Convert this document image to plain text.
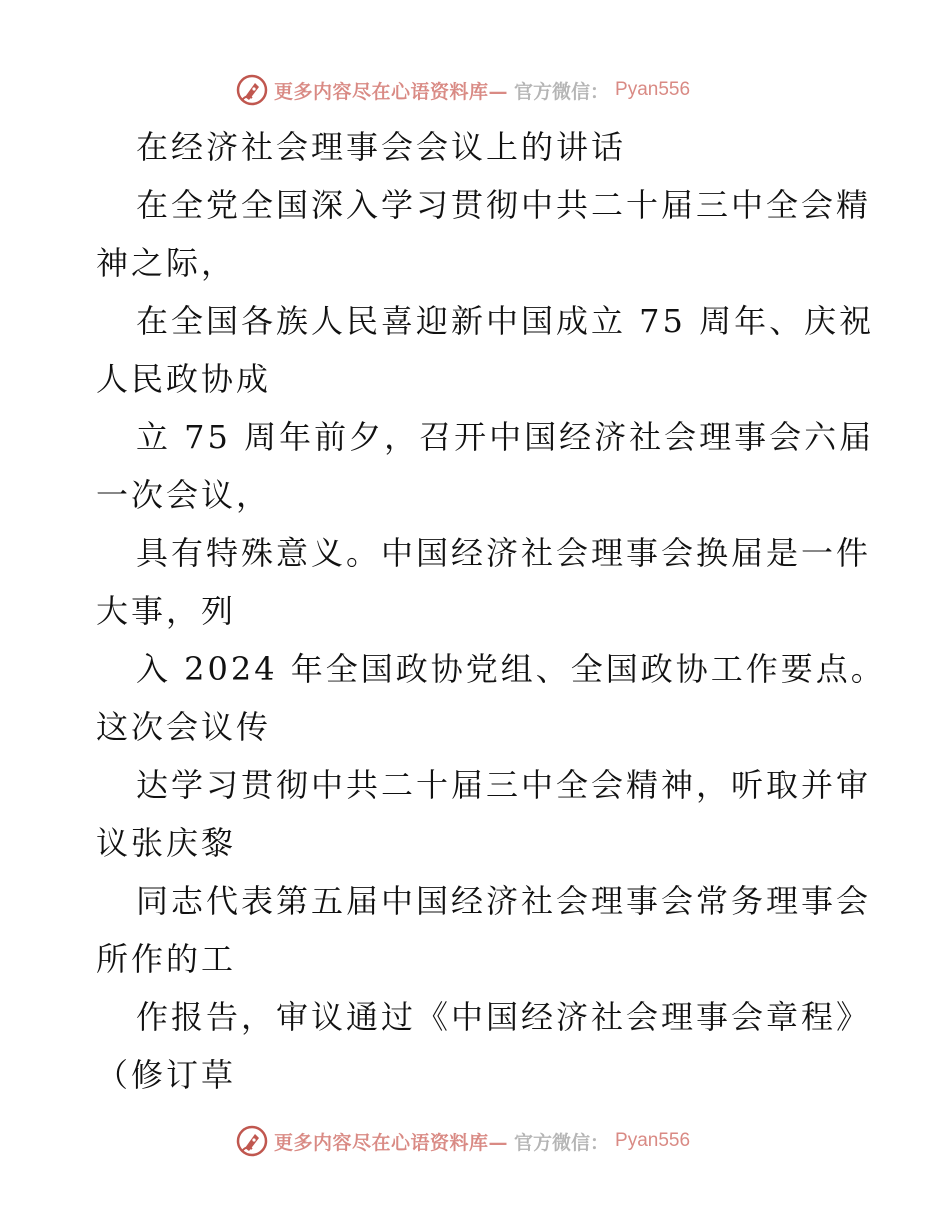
更多内容尽在心语资料库— 官方微信： Pyan556
在经济社会理事会会议上的讲话
在全党全国深入学习贯彻中共二十届三中全会精
神之际，
在全国各族人民喜迎新中国成立 75 周年、庆祝
人民政协成
立 75 周年前夕，召开中国经济社会理事会六届
一次会议，
具有特殊意义。中国经济社会理事会换届是一件
大事，列
入 2024 年全国政协党组、全国政协工作要点。
这次会议传
达学习贯彻中共二十届三中全会精神，听取并审
议张庆黎
同志代表第五届中国经济社会理事会常务理事会
所作的工
作报告，审议通过《中国经济社会理事会章程》
（修订草
更多内容尽在心语资料库— 官方微信： Pyan556
